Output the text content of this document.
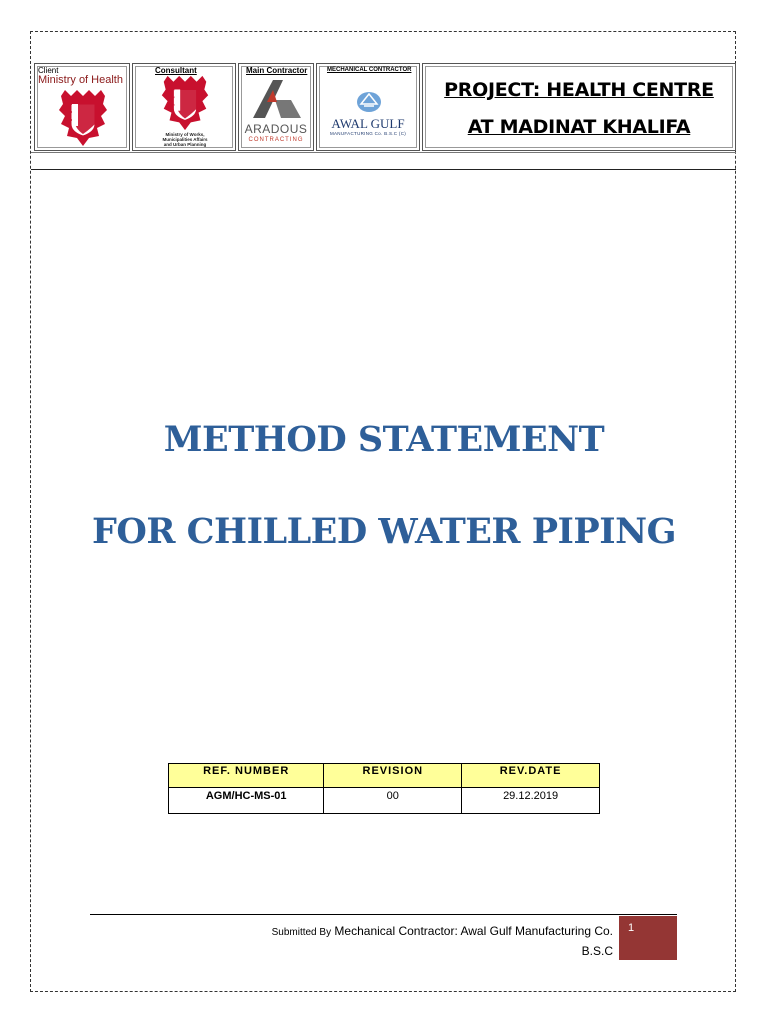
Client
Ministry of Health
Consultant
Ministry of Works,
Municipalities Affairs
and Urban Planning
Main Contractor
ARADOUS
CONTRACTING
MECHANICAL CONTRACTOR
AWAL GULF
MANUFACTURING Co. B.S.C (C)
PROJECT: HEALTH CENTRE
AT MADINAT KHALIFA
METHOD STATEMENT
FOR CHILLED WATER PIPING
REF. NUMBER	REVISION	REV.DATE
AGM/HC-MS-01	00	29.12.2019
Submitted By Mechanical Contractor: Awal Gulf Manufacturing Co.
B.S.C
1
